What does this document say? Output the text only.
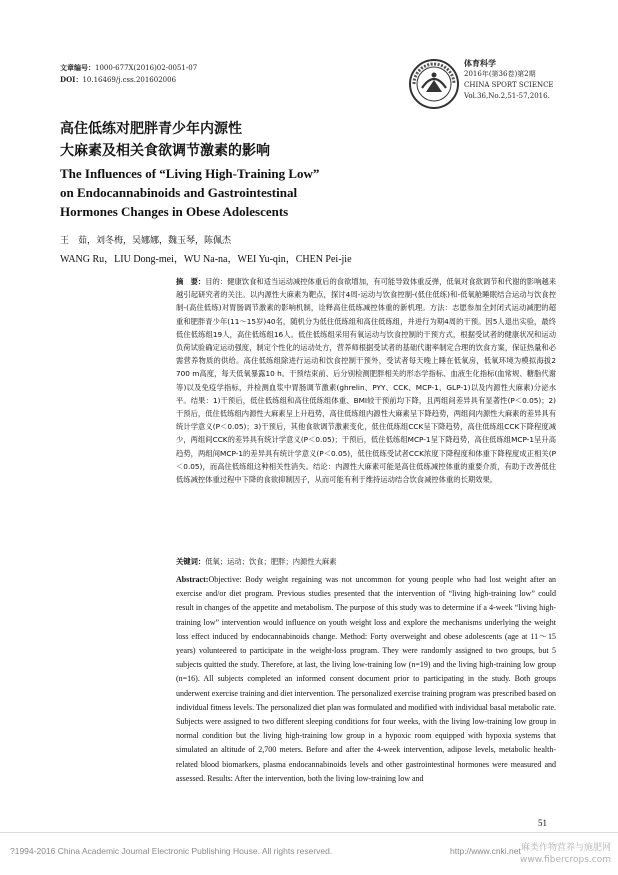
文章编号：1000-677X(2016)02-0051-07
DOI：10.16469/j.css.201602006
体育科学
2016年(第36卷)第2期
CHINA SPORT SCIENCE
Vol.36,No.2,51-57,2016.
高住低练对肥胖青少年内源性
大麻素及相关食欲调节激素的影响
The Influences of “Living High-Training Low”
on Endocannabinoids and Gastrointestinal
Hormones Changes in Obese Adolescents
王　茹，刘冬梅，吴娜娜，魏玉琴，陈佩杰
WANG Ru，LIU Dong-mei，WU Na-na，WEI Yu-qin，CHEN Pei-jie
摘　要：目的：健康饮食和适当运动减控体重后的食欲增加，有可能导致体重反弹，低氧对食欲调节和代谢的影响越来越引起研究者的关注。以内源性大麻素为靶点，探讨4周-运动与饮食控制-(低住低练)和-低氧舱睡眠结合运动与饮食控制-(高住低练)对胃肠调节激素的影响机制，诠释高住低练减控体重的新机理。方法：志愿参加全封闭式运动减肥的超重和肥胖青少年(11～15岁)40名，随机分为低住低练组和高住低练组，并进行为期4周的干预。因5人退出实验，最终低住低练组19人，高住低练组16人。低住低练组采用有氧运动与饮食控制的干预方式，根据受试者的健康状况和运动负荷试验确定运动强度，制定个性化的运动处方，营养师根据受试者的基础代谢率制定合理的饮食方案，保证热量和必需营养物质的供给。高住低练组除进行运动和饮食控制干预外，受试者每天晚上睡在低氧房，低氧环境为模拟海拔2 700 m高度，每天低氧暴露10 h。干预结束前、后分别检测肥胖相关的形态学指标、血液生化指标(血常规、糖脂代谢等)以及免疫学指标，并检测血浆中胃肠调节激素(ghrelin、PYY、CCK、MCP-1、GLP-1)以及内源性大麻素)分泌水平。结果：1)干预后，低住低练组和高住低练组体重、BMI较干预前均下降，且两组间差异具有显著性(P＜0.05)；2)干预后，低住低练组内源性大麻素呈上升趋势，高住低练组内源性大麻素呈下降趋势，两组间内源性大麻素的差异具有统计学意义(P＜0.05)；3)干预后，其他食欲调节激素变化，低住低练组CCK呈下降趋势，高住低练组CCK下降程度减少，两组间CCK的差异具有统计学意义(P＜0.05)；干预后，低住低练组MCP-1呈下降趋势，高住低练组MCP-1呈升高趋势，两组间MCP-1的差异具有统计学意义(P＜0.05)，低住低练受试者CCK浓度下降程度和体重下降程度成正相关(P＜0.05)，而高住低练组这种相关性消失。结论：内源性大麻素可能是高住低练减控体重的重要介质，有助于改善低住低练减控体重过程中下降的食欲抑制因子，从而可能有利于维持运动结合饮食减控体重的长期效果。
关键词：低氧；运动；饮食；肥胖；内源性大麻素
Abstract:Objective: Body weight regaining was not uncommon for young people who had lost weight after an exercise and/or diet program. Previous studies presented that the intervention of “living high-training low” could result in changes of the appetite and metabolism. The purpose of this study was to determine if a 4-week “living high-training low” intervention would influence on youth weight loss and explore the mechanisms underlying the weight loss effect induced by endocannabinoids change. Method: Forty overweight and obese adolescents (age at 11～15 years) volunteered to participate in the weight-loss program. They were randomly assigned to two groups, but 5 subjects quitted the study. Therefore, at last, the living low-training low (n=19) and the living high-training low group (n=16). All subjects completed an informed consent document prior to participating in the study. Both groups underwent exercise training and diet intervention. The personalized exercise training program was prescribed based on individual fitness levels. The personalized diet plan was formulated and modified with individual basal metabolic rate. Subjects were assigned to two different sleeping conditions for four weeks, with the living low-training low group in normal condition but the living high-training low group in a hypoxic room equipped with hypoxia systems that simulated an altitude of 2,700 meters. Before and after the 4-week intervention, adipose levels, metabolic health-related blood biomarkers, plasma endocannabinoids levels and other gastrointestinal hormones were measured and assessed. Results: After the intervention, both the living low-training low and
51
?1994-2016 China Academic Journal Electronic Publishing House. All rights reserved.	http://www.cnki.net 麻类作物营养与施肥网
www.fibercrops.com
